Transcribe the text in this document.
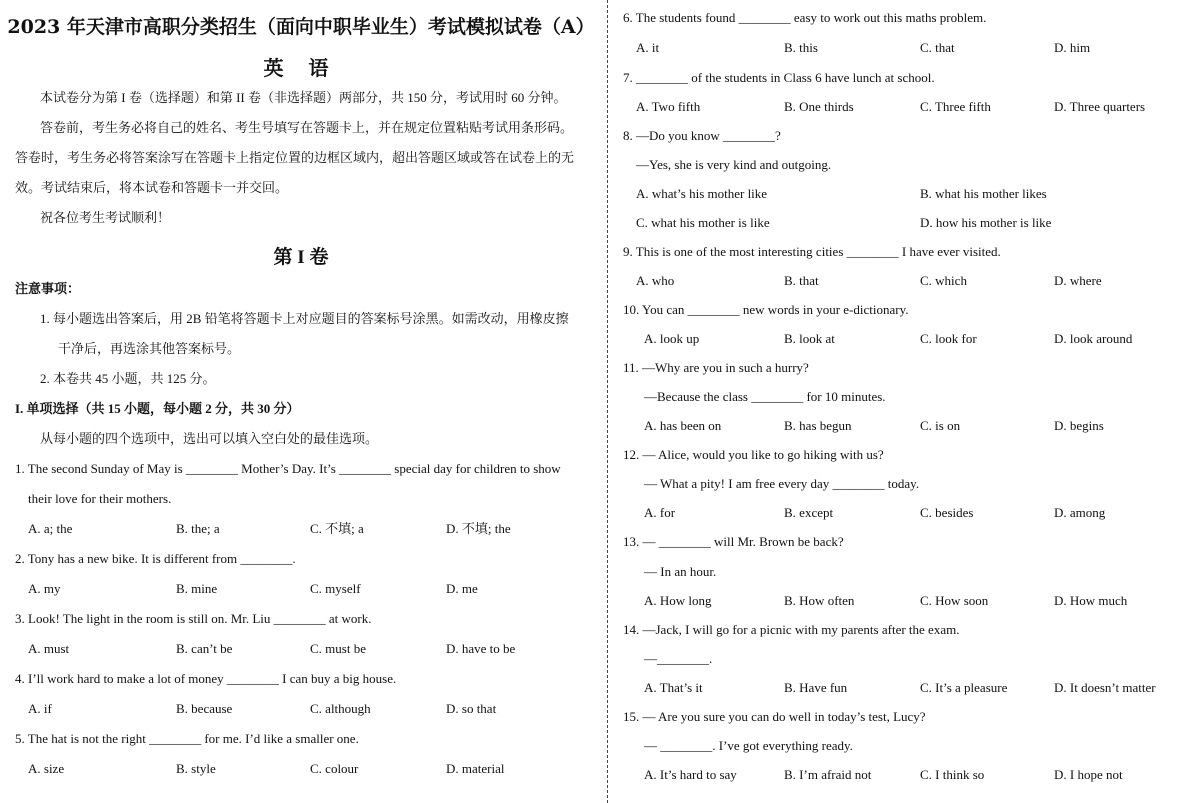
2023 年天津市高职分类招生（面向中职毕业生）考试模拟试卷（A）
英 语
本试卷分为第 I 卷（选择题）和第 II 卷（非选择题）两部分，共 150 分，考试用时 60 分钟。
答卷前，考生务必将自己的姓名、考生号填写在答题卡上，并在规定位置粘贴考试用条形码。
答卷时，考生务必将答案涂写在答题卡上指定位置的边框区域内，超出答题区域或答在试卷上的无
效。考试结束后，将本试卷和答题卡一并交回。
祝各位考生考试顺利！
第 I 卷
注意事项：
1. 每小题选出答案后，用 2B 铅笔将答题卡上对应题目的答案标号涂黑。如需改动，用橡皮擦
干净后，再选涂其他答案标号。
2. 本卷共 45 小题，共 125 分。
I. 单项选择（共 15 小题，每小题 2 分，共 30 分）
从每小题的四个选项中，选出可以填入空白处的最佳选项。
1. The second Sunday of May is ________ Mother’s Day. It’s ________ special day for children to show
their love for their mothers.
A. a; the	B. the; a	C. 不填; a	D. 不填; the
2. Tony has a new bike. It is different from ________.
A. my	B. mine	C. myself	D. me
3. Look! The light in the room is still on. Mr. Liu ________ at work.
A. must	B. can’t be	C. must be	D. have to be
4. I’ll work hard to make a lot of money ________ I can buy a big house.
A. if	B. because	C. although	D. so that
5. The hat is not the right ________ for me. I’d like a smaller one.
A. size	B. style	C. colour	D. material
6. The students found ________ easy to work out this maths problem.
A. it	B. this	C. that	D. him
7. ________ of the students in Class 6 have lunch at school.
A. Two fifth	B. One thirds	C. Three fifth	D. Three quarters
8. —Do you know ________?
—Yes, she is very kind and outgoing.
A. what’s his mother like	B. what his mother likes
C. what his mother is like	D. how his mother is like
9. This is one of the most interesting cities ________ I have ever visited.
A. who	B. that	C. which	D. where
10. You can ________ new words in your e-dictionary.
A. look up	B. look at	C. look for	D. look around
11. —Why are you in such a hurry?
—Because the class ________ for 10 minutes.
A. has been on	B. has begun	C. is on	D. begins
12. — Alice, would you like to go hiking with us?
— What a pity! I am free every day ________ today.
A. for	B. except	C. besides	D. among
13. — ________ will Mr. Brown be back?
— In an hour.
A. How long	B. How often	C. How soon	D. How much
14. —Jack, I will go for a picnic with my parents after the exam.
—________.
A. That’s it	B. Have fun	C. It’s a pleasure	D. It doesn’t matter
15. — Are you sure you can do well in today’s test, Lucy?
— ________. I’ve got everything ready.
A. It’s hard to say	B. I’m afraid not	C. I think so	D. I hope not
